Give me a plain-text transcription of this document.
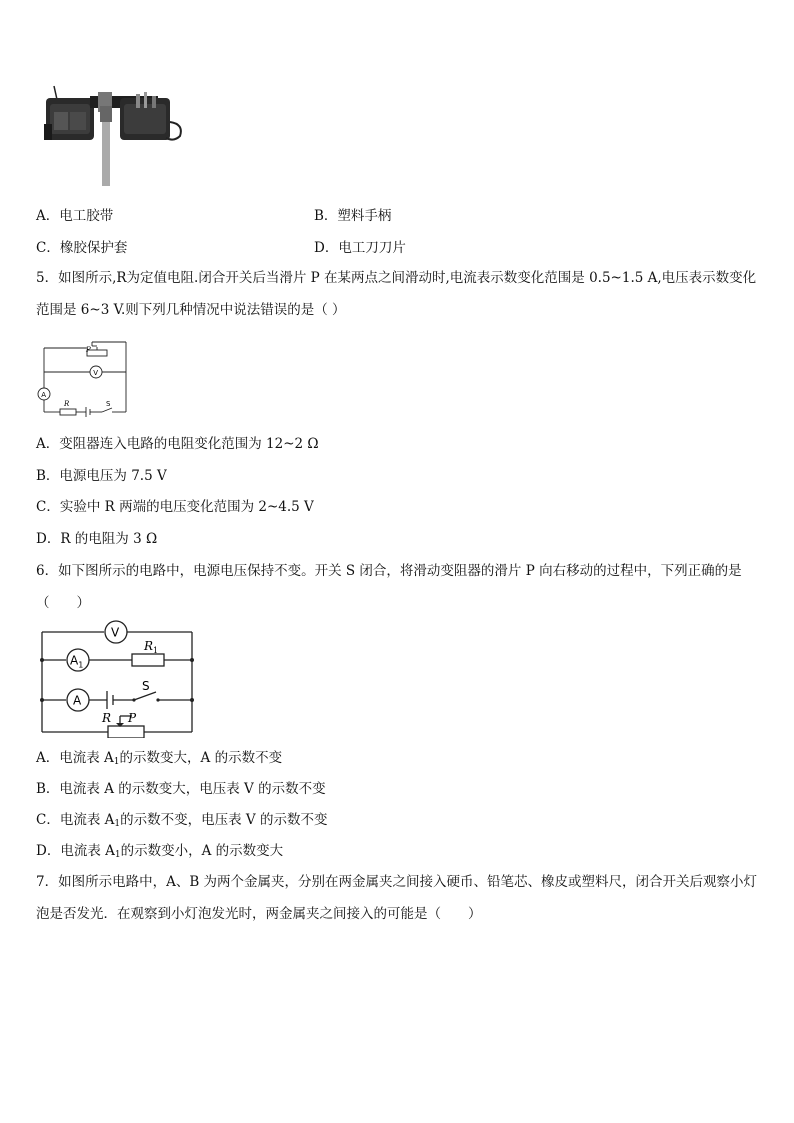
A．电工胶带	B．塑料手柄
C．橡胶保护套	D．电工刀刀片
5．如图所示,R为定值电阻.闭合开关后当滑片 P 在某两点之间滑动时,电流表示数变化范围是 0.5~1.5 A,电压表示数变化范围是 6~3 V.则下列几种情况中说法错误的是（ ）
P
V
A
R	S
A．变阻器连入电路的电阻变化范围为 12~2 Ω
B．电源电压为 7.5 V
C．实验中 R 两端的电压变化范围为 2~4.5 V
D．R 的电阻为 3 Ω
6．如下图所示的电路中，电源电压保持不变。开关 S 闭合，将滑动变阻器的滑片 P 向右移动的过程中，下列正确的是（　　）
V
$A_1$
$R_1$
A
S
R P
A．电流表 $A_1$的示数变大，A 的示数不变
B．电流表 A 的示数变大，电压表 V 的示数不变
C．电流表 $A_1$的示数不变，电压表 V 的示数不变
D．电流表 $A_1$的示数变小，A 的示数变大
7．如图所示电路中，A、B 为两个金属夹，分别在两金属夹之间接入硬币、铅笔芯、橡皮或塑料尺，闭合开关后观察小灯泡是否发光．在观察到小灯泡发光时，两金属夹之间接入的可能是（　　）
